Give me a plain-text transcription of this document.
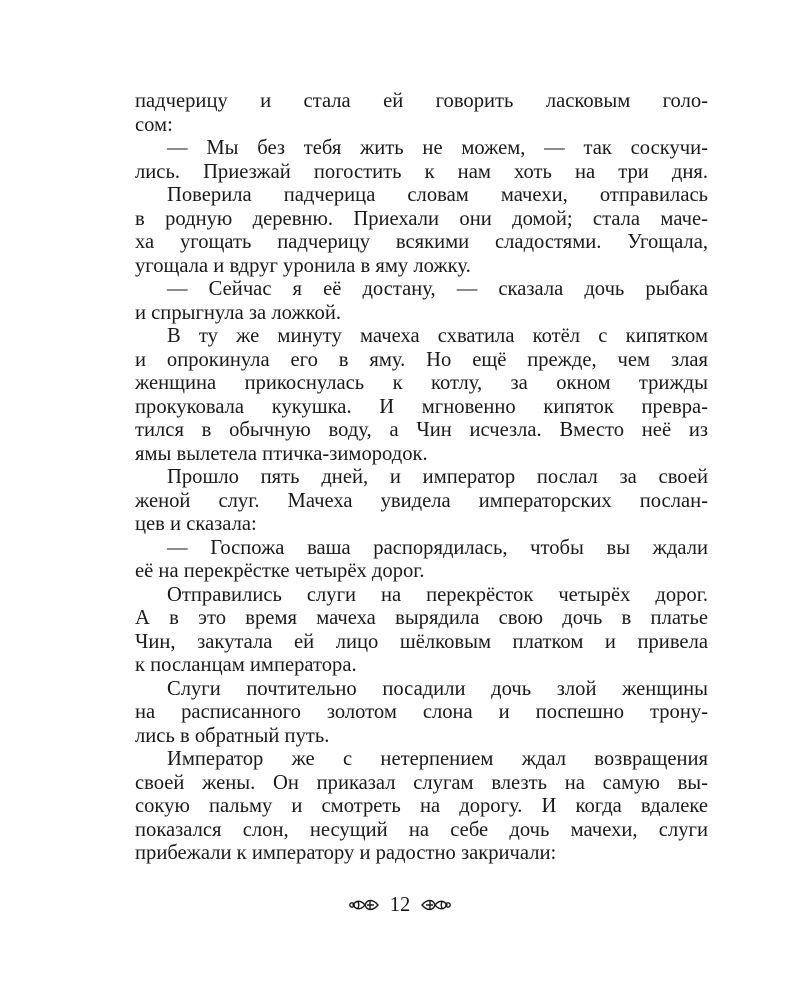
падчерицу и стала ей говорить ласковым голо-
сом:
— Мы без тебя жить не можем, — так соскучи-
лись. Приезжай погостить к нам хоть на три дня.
Поверила падчерица словам мачехи, отправилась
в родную деревню. Приехали они домой; стала маче-
ха угощать падчерицу всякими сладостями. Угощала,
угощала и вдруг уронила в яму ложку.
— Сейчас я её достану, — сказала дочь рыбака
и спрыгнула за ложкой.
В ту же минуту мачеха схватила котёл с кипятком
и опрокинула его в яму. Но ещё прежде, чем злая
женщина прикоснулась к котлу, за окном трижды
прокуковала кукушка. И мгновенно кипяток превра-
тился в обычную воду, а Чин исчезла. Вместо неё из
ямы вылетела птичка-зимородок.
Прошло пять дней, и император послал за своей
женой слуг. Мачеха увидела императорских послан-
цев и сказала:
— Госпожа ваша распорядилась, чтобы вы ждали
её на перекрёстке четырёх дорог.
Отправились слуги на перекрёсток четырёх дорог.
А в это время мачеха вырядила свою дочь в платье
Чин, закутала ей лицо шёлковым платком и привела
к посланцам императора.
Слуги почтительно посадили дочь злой женщины
на расписанного золотом слона и поспешно трону-
лись в обратный путь.
Император же с нетерпением ждал возвращения
своей жены. Он приказал слугам влезть на самую вы-
сокую пальму и смотреть на дорогу. И когда вдалеке
показался слон, несущий на себе дочь мачехи, слуги
прибежали к императору и радостно закричали:
12
